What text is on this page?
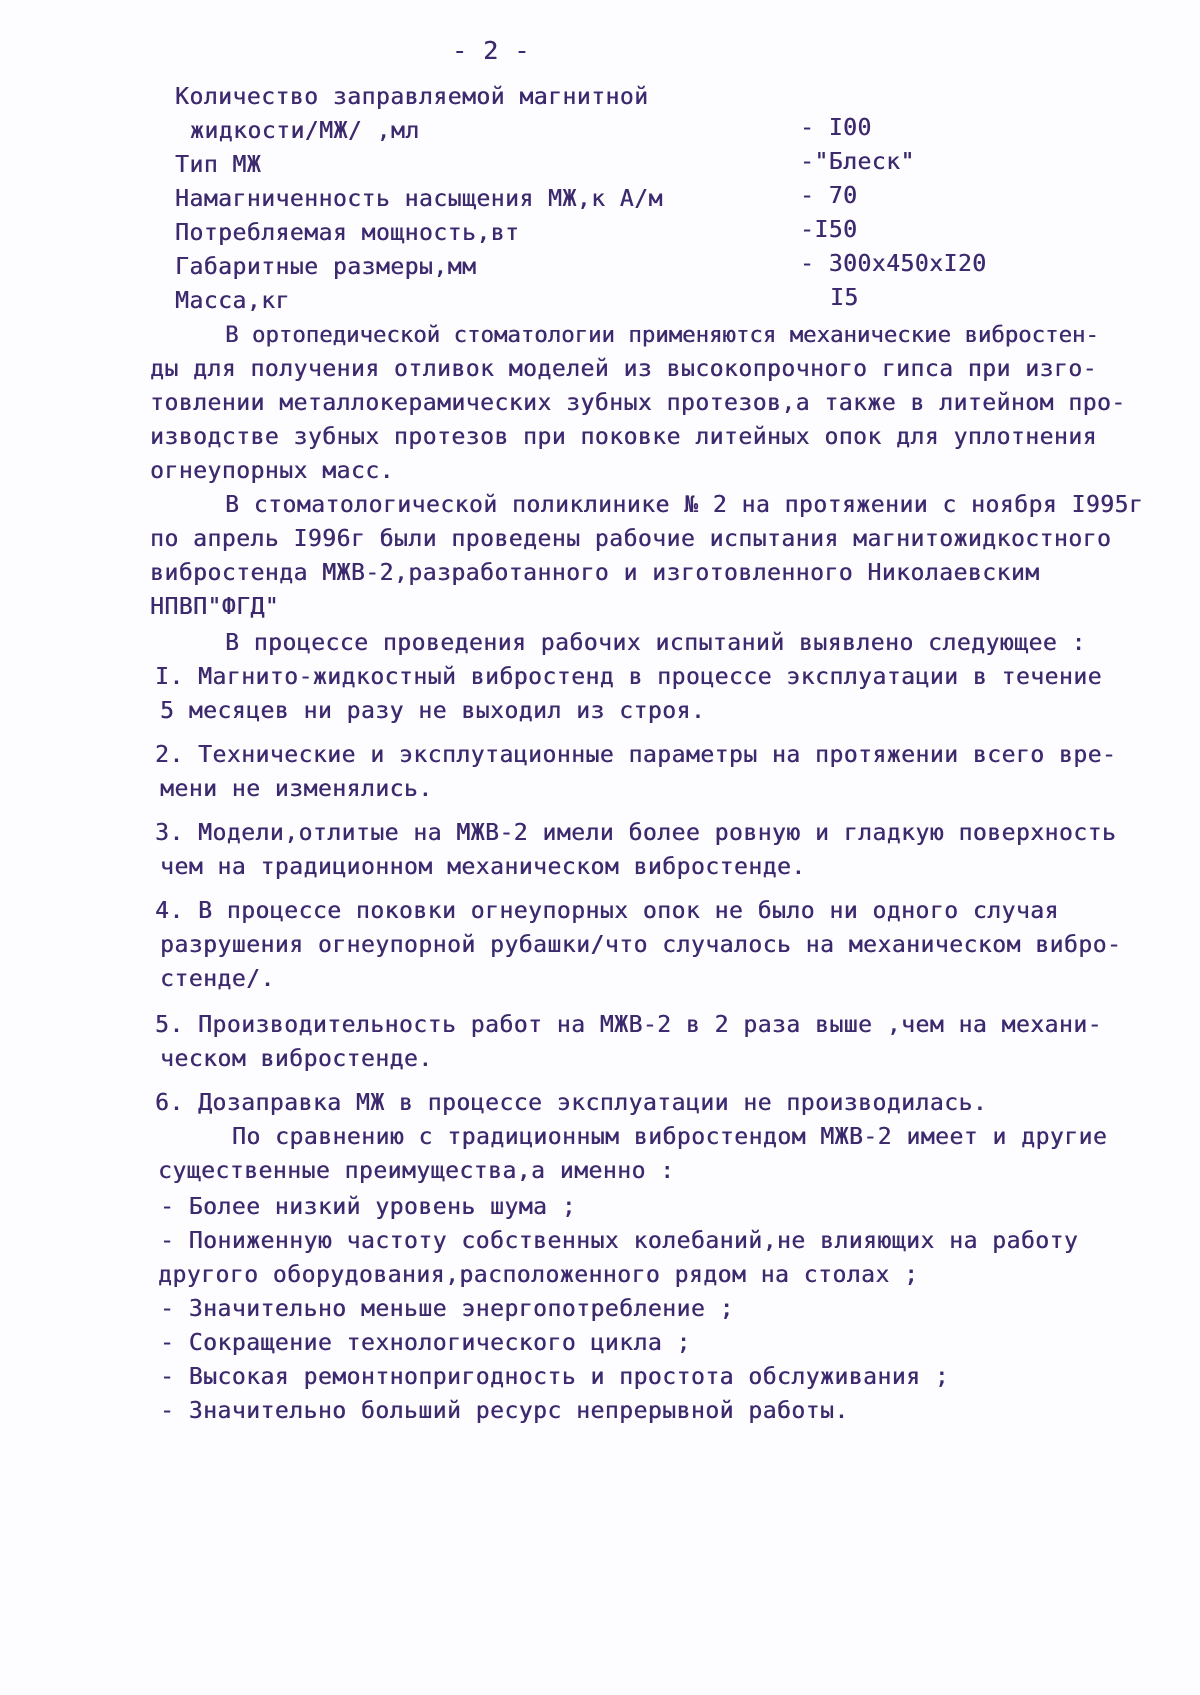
- 2 -
Количество заправляемой магнитной
жидкости/МЖ/ ,мл	- I00
Тип МЖ	-"Блеск"
Намагниченность насыщения МЖ,к А/м	- 70
Потребляемая мощность,вт	-I50
Габаритные размеры,мм	- 300x450xI20
Масса,кг	I5
В ортопедической стоматологии применяются механические вибростен-
ды для получения отливок моделей из высокопрочного гипса при изго-
товлении металлокерамических зубных протезов,а также в литейном про-
изводстве зубных протезов при поковке литейных опок для уплотнения
огнеупорных масс.
В стоматологической поликлинике № 2 на протяжении с ноября I995г
по апрель I996г были проведены рабочие испытания магнитожидкостного
вибростенда МЖВ-2,разработанного и изготовленного Николаевским
НПВП"ФГД"
В процессе проведения рабочих испытаний выявлено следующее :
I. Магнито-жидкостный вибростенд в процессе эксплуатации в течение
5 месяцев ни разу не выходил из строя.
2. Технические и эксплутационные параметры на протяжении всего вре-
мени не изменялись.
3. Модели,отлитые на МЖВ-2 имели более ровную и гладкую поверхность
чем на традиционном механическом вибростенде.
4. В процессе поковки огнеупорных опок не было ни одного случая
разрушения огнеупорной рубашки/что случалось на механическом вибро-
стенде/.
5. Производительность работ на МЖВ-2 в 2 раза выше ,чем на механи-
ческом вибростенде.
6. Дозаправка МЖ в процессе эксплуатации не производилась.
По сравнению с традиционным вибростендом МЖВ-2 имеет и другие
существенные преимущества,а именно :
- Более низкий уровень шума ;
- Пониженную частоту собственных колебаний,не влияющих на работу
другого оборудования,расположенного рядом на столах ;
- Значительно меньше энергопотребление ;
- Сокращение технологического цикла ;
- Высокая ремонтнопригодность и простота обслуживания ;
- Значительно больший ресурс непрерывной работы.
